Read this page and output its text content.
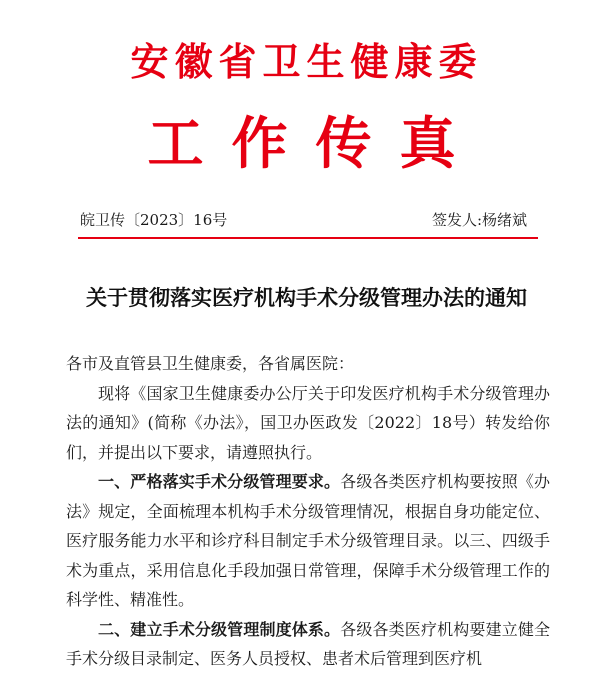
安徽省卫生健康委
工作传真
皖卫传〔2023〕16号	签发人:杨绪斌
关于贯彻落实医疗机构手术分级管理办法的通知

各市及直管县卫生健康委，各省属医院：

现将《国家卫生健康委办公厅关于印发医疗机构手术分级管理办法的通知》(简称《办法》，国卫办医政发〔2022〕18号）转发给你们，并提出以下要求，请遵照执行。

一、严格落实手术分级管理要求。各级各类医疗机构要按照《办法》规定，全面梳理本机构手术分级管理情况，根据自身功能定位、医疗服务能力水平和诊疗科目制定手术分级管理目录。以三、四级手术为重点，采用信息化手段加强日常管理，保障手术分级管理工作的科学性、精准性。

二、建立手术分级管理制度体系。各级各类医疗机构要建立健全手术分级目录制定、医务人员授权、患者术后管理到医疗机
